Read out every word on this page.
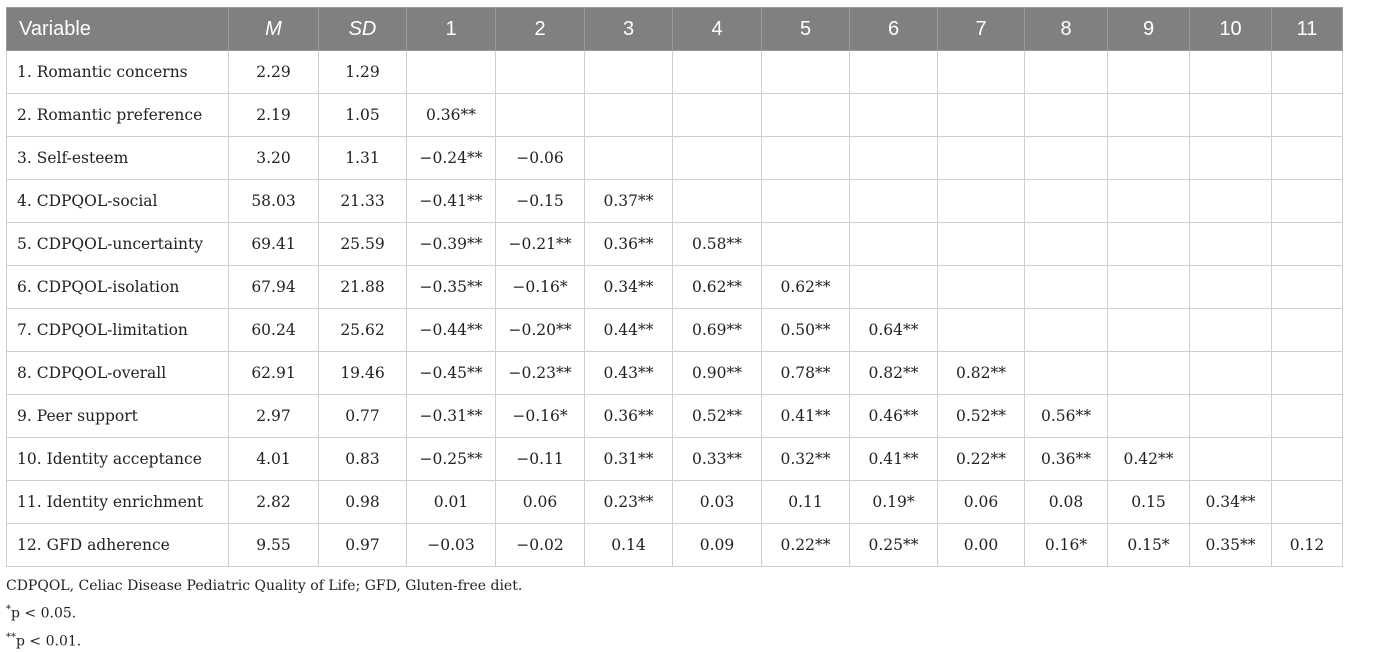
Variable	M	SD	1	2	3	4	5	6	7	8	9	10	11
1. Romantic concerns	2.29	1.29											
2. Romantic preference	2.19	1.05	0.36**										
3. Self-esteem	3.20	1.31	−0.24**	−0.06									
4. CDPQOL-social	58.03	21.33	−0.41**	−0.15	0.37**								
5. CDPQOL-uncertainty	69.41	25.59	−0.39**	−0.21**	0.36**	0.58**							
6. CDPQOL-isolation	67.94	21.88	−0.35**	−0.16*	0.34**	0.62**	0.62**						
7. CDPQOL-limitation	60.24	25.62	−0.44**	−0.20**	0.44**	0.69**	0.50**	0.64**					
8. CDPQOL-overall	62.91	19.46	−0.45**	−0.23**	0.43**	0.90**	0.78**	0.82**	0.82**				
9. Peer support	2.97	0.77	−0.31**	−0.16*	0.36**	0.52**	0.41**	0.46**	0.52**	0.56**			
10. Identity acceptance	4.01	0.83	−0.25**	−0.11	0.31**	0.33**	0.32**	0.41**	0.22**	0.36**	0.42**		
11. Identity enrichment	2.82	0.98	0.01	0.06	0.23**	0.03	0.11	0.19*	0.06	0.08	0.15	0.34**	
12. GFD adherence	9.55	0.97	−0.03	−0.02	0.14	0.09	0.22**	0.25**	0.00	0.16*	0.15*	0.35**	0.12
CDPQOL, Celiac Disease Pediatric Quality of Life; GFD, Gluten-free diet.
*p < 0.05.
**p < 0.01.
